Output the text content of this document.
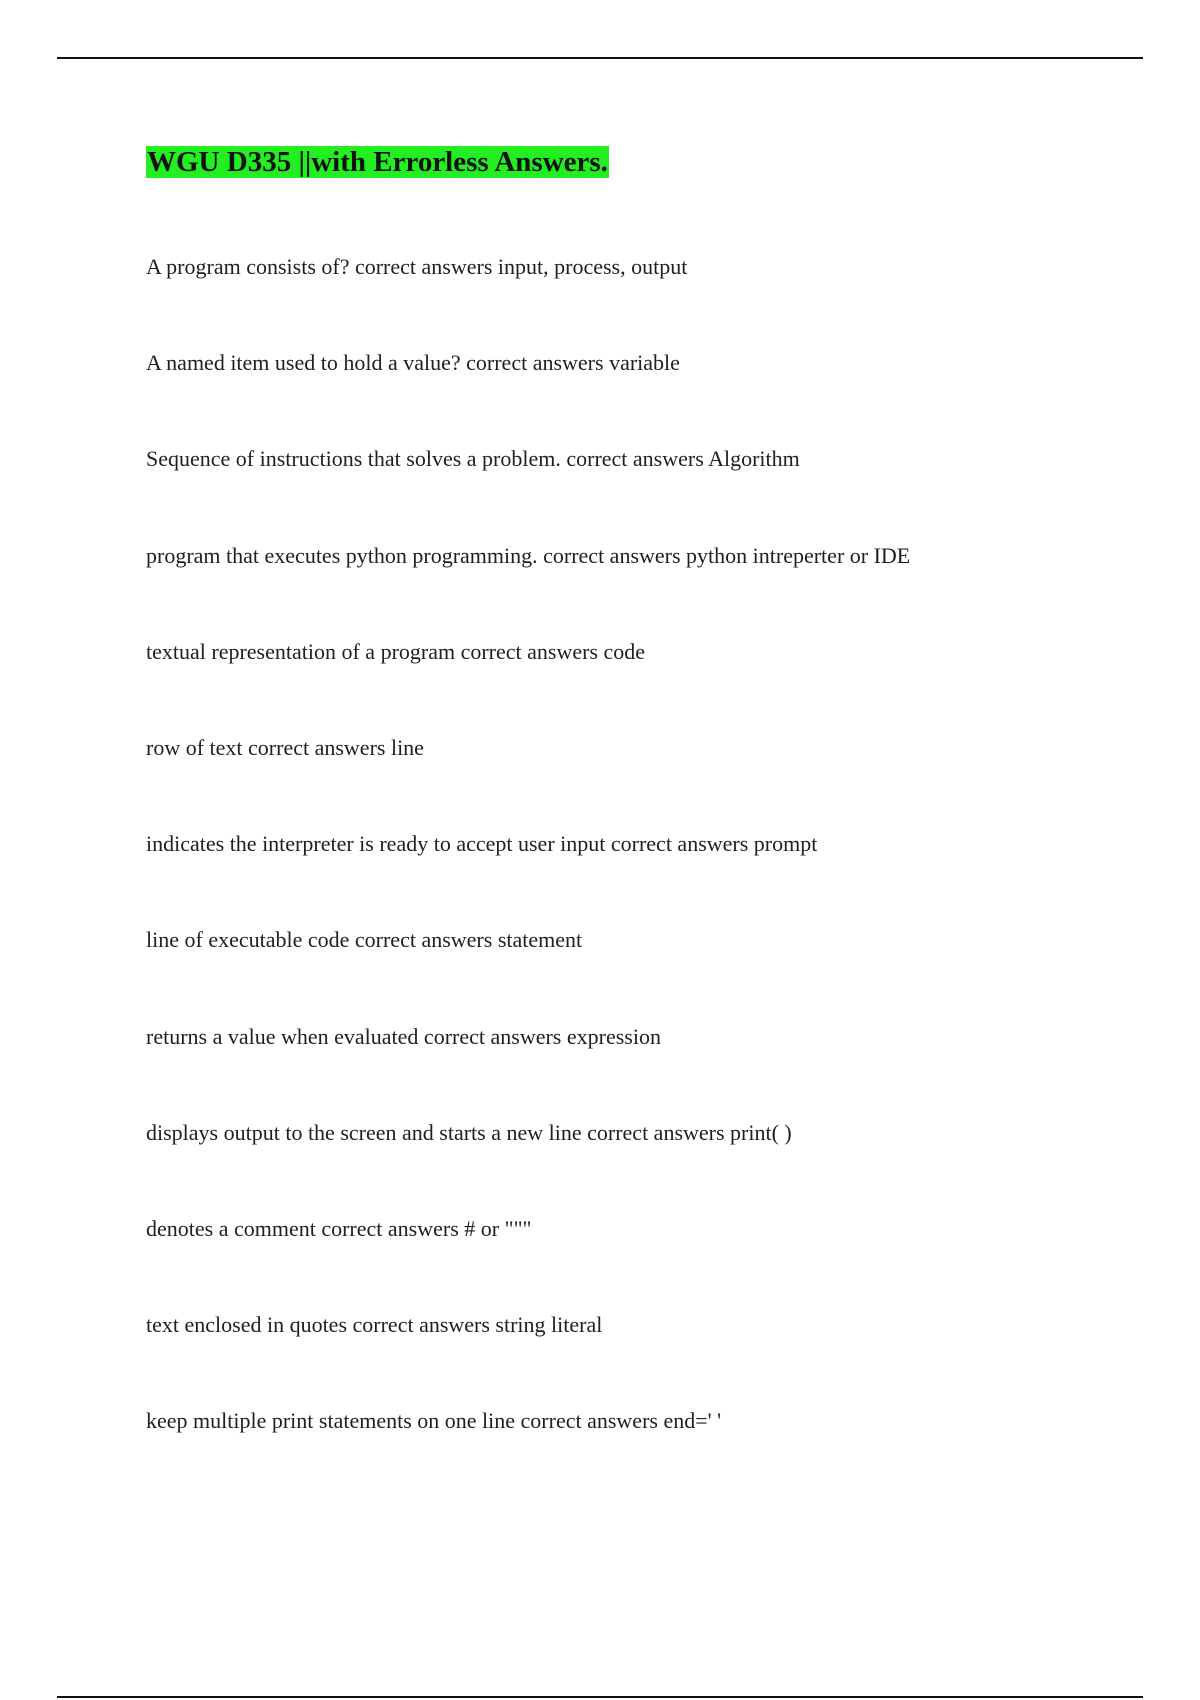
WGU D335 ||with Errorless Answers.
A program consists of? correct answers input, process, output
A named item used to hold a value? correct answers variable
Sequence of instructions that solves a problem. correct answers Algorithm
program that executes python programming. correct answers python intreperter or IDE
textual representation of a program correct answers code
row of text correct answers line
indicates the interpreter is ready to accept user input correct answers prompt
line of executable code correct answers statement
returns a value when evaluated correct answers expression
displays output to the screen and starts a new line correct answers print( )
denotes a comment correct answers # or """
text enclosed in quotes correct answers string literal
keep multiple print statements on one line correct answers end=' '
